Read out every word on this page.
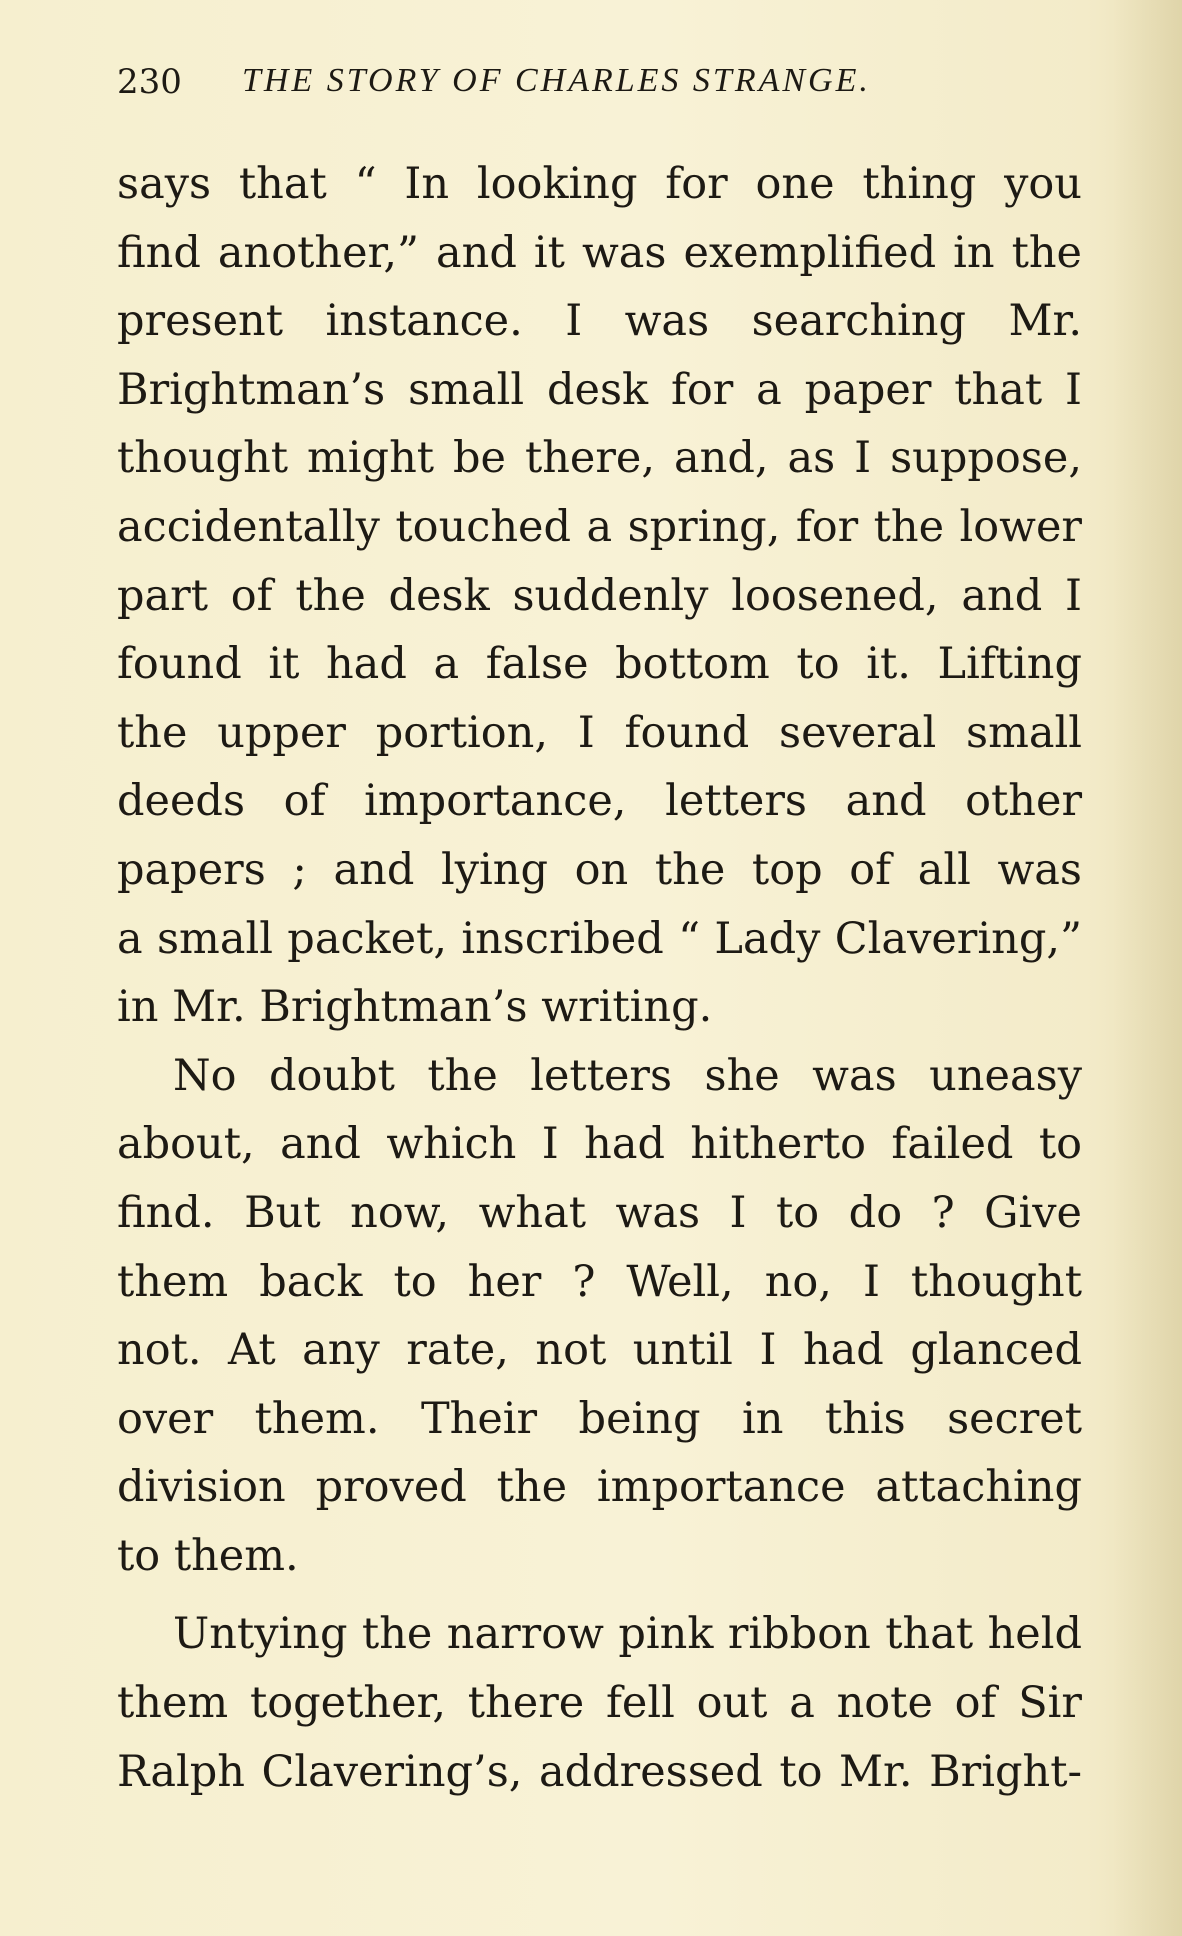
230 THE STORY OF CHARLES STRANGE.
says that “ In looking for one thing you
find another,” and it was exemplified in the
present instance. I was searching Mr.
Brightman’s small desk for a paper that I
thought might be there, and, as I suppose,
accidentally touched a spring, for the lower
part of the desk suddenly loosened, and I
found it had a false bottom to it. Lifting
the upper portion, I found several small
deeds of importance, letters and other
papers ; and lying on the top of all was
a small packet, inscribed “ Lady Clavering,”
in Mr. Brightman’s writing.
No doubt the letters she was uneasy
about, and which I had hitherto failed to
find. But now, what was I to do ? Give
them back to her ? Well, no, I thought
not. At any rate, not until I had glanced
over them. Their being in this secret
division proved the importance attaching
to them.
Untying the narrow pink ribbon that held
them together, there fell out a note of Sir
Ralph Clavering’s, addressed to Mr. Bright-
